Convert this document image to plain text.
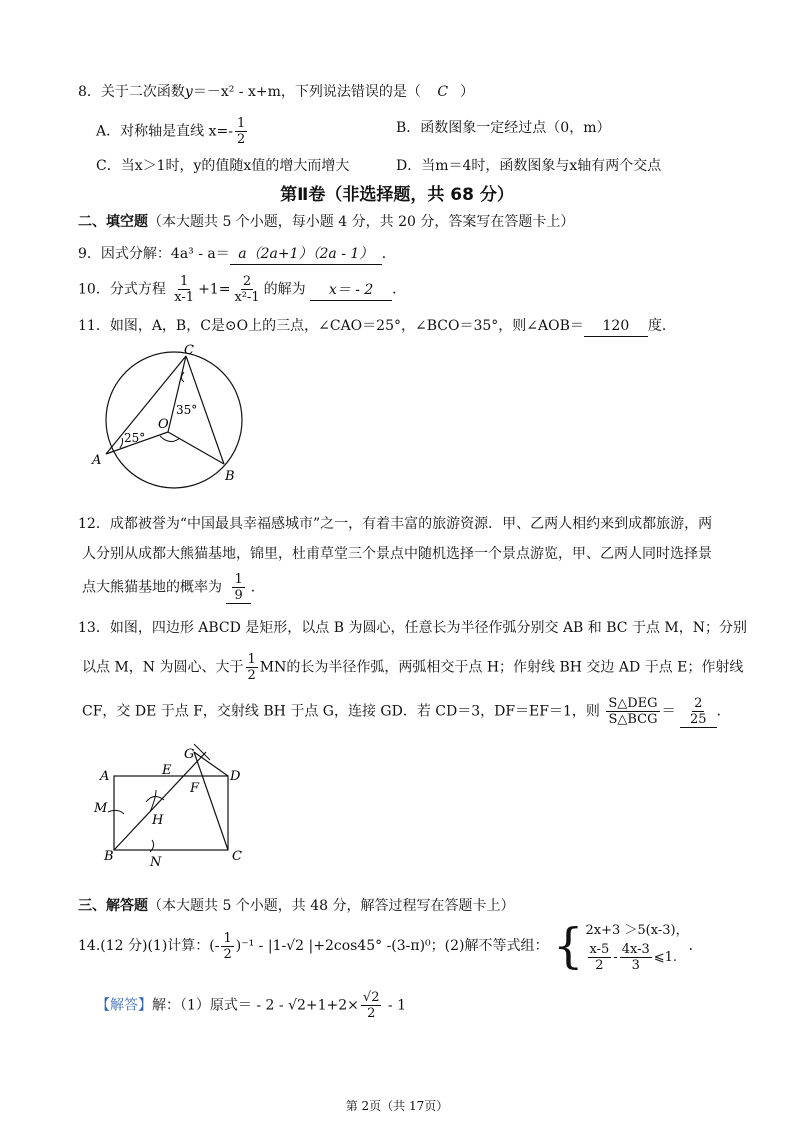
8．关于二次函数y＝－x² - x+m，下列说法错误的是（ C ）
A．对称轴是直线 $x=- \frac{1}{2}$	B．函数图象一定经过点（0，m）
C．当x＞1时，y的值随x值的增大而增大	D．当m＝4时，函数图象与x轴有两个交点
第Ⅱ卷（非选择题，共 68 分）
二、填空题（本大题共 5 个小题，每小题 4 分，共 20 分，答案写在答题卡上）
9．因式分解：4a³ - a＝ a（2a+1）（2a - 1） ．
10．分式方程 $\frac{1}{x-1} +1= \frac{2}{\text{x²-1}}$ 的解为 x＝ - 2 ．
11．如图，A，B，C是⊙O上的三点，∠CAO＝25°，∠BCO＝35°，则∠AOB＝ 120 度．
C
A
B
O
35°
25°
12．成都被誉为“中国最具幸福感城市”之一，有着丰富的旅游资源．甲、乙两人相约来到成都旅游，两
人分别从成都大熊猫基地，锦里，杜甫草堂三个景点中随机选择一个景点游览，甲、乙两人同时选择景
点大熊猫基地的概率为 $\frac{1}{9}$ ．
13．如图，四边形 ABCD 是矩形，以点 B 为圆心，任意长为半径作弧分别交 AB 和 BC 于点 M，N；分别
以点 M，N 为圆心、大于 $\frac{1}{2}$ MN的长为半径作弧，两弧相交于点 H；作射线 BH 交边 AD 于点 E；作射线
CF，交 DE 于点 F，交射线 BH 于点 G，连接 GD．若 CD＝3，DF＝EF＝1，则 $\frac{\text{S△DEG}}{\text{S△BCG}} = \frac{2}{25}$ ．
A	E
G
D
F
M
H
B	N	C
三、解答题（本大题共 5 个小题，共 48 分，解答过程写在答题卡上）
14.(12 分)(1)计算：(- $\frac{1}{2} )^{-1} - |1-√2$ |+2cos45° -(3-π)⁰；(2)解不等式组： { 2x+3 ＞5(x-3)，
$\frac{x-5}{2} - \frac{4x-3}{3}$ ⩽1.
．
【解答】解：（1）原式＝ - $2 - √2+1+2\times \frac{√2}{2} - 1$
第 2页（共 17页）
